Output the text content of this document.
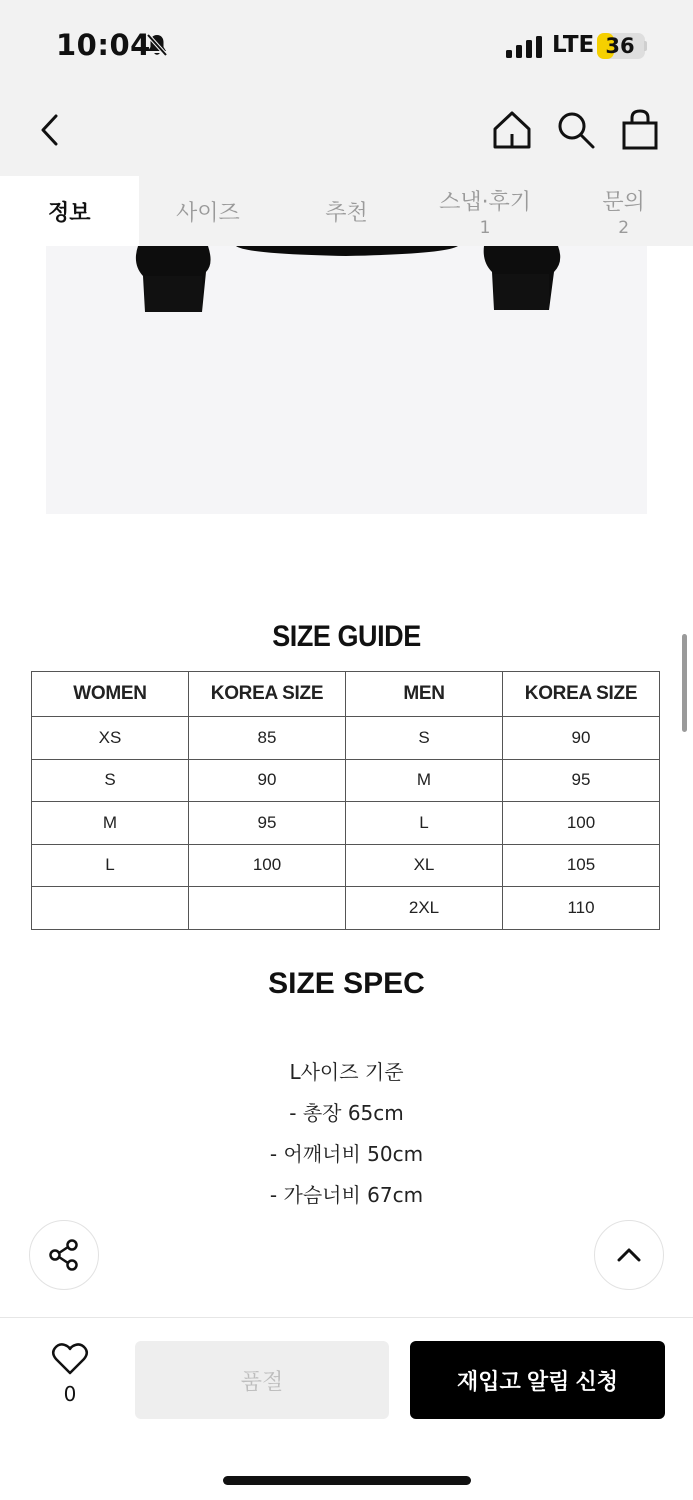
10:04	LTE 36
정보	사이즈	추천	스냅·후기
1
문의
2
SIZE GUIDE
WOMEN	KOREA SIZE	MEN	KOREA SIZE
XS	85	S	90
S	90	M	95
M	95	L	100
L	100	XL	105
		2XL	110
SIZE SPEC
L사이즈 기준
- 총장 65cm
- 어깨너비 50cm
- 가슴너비 67cm
0
품절	재입고 알림 신청
